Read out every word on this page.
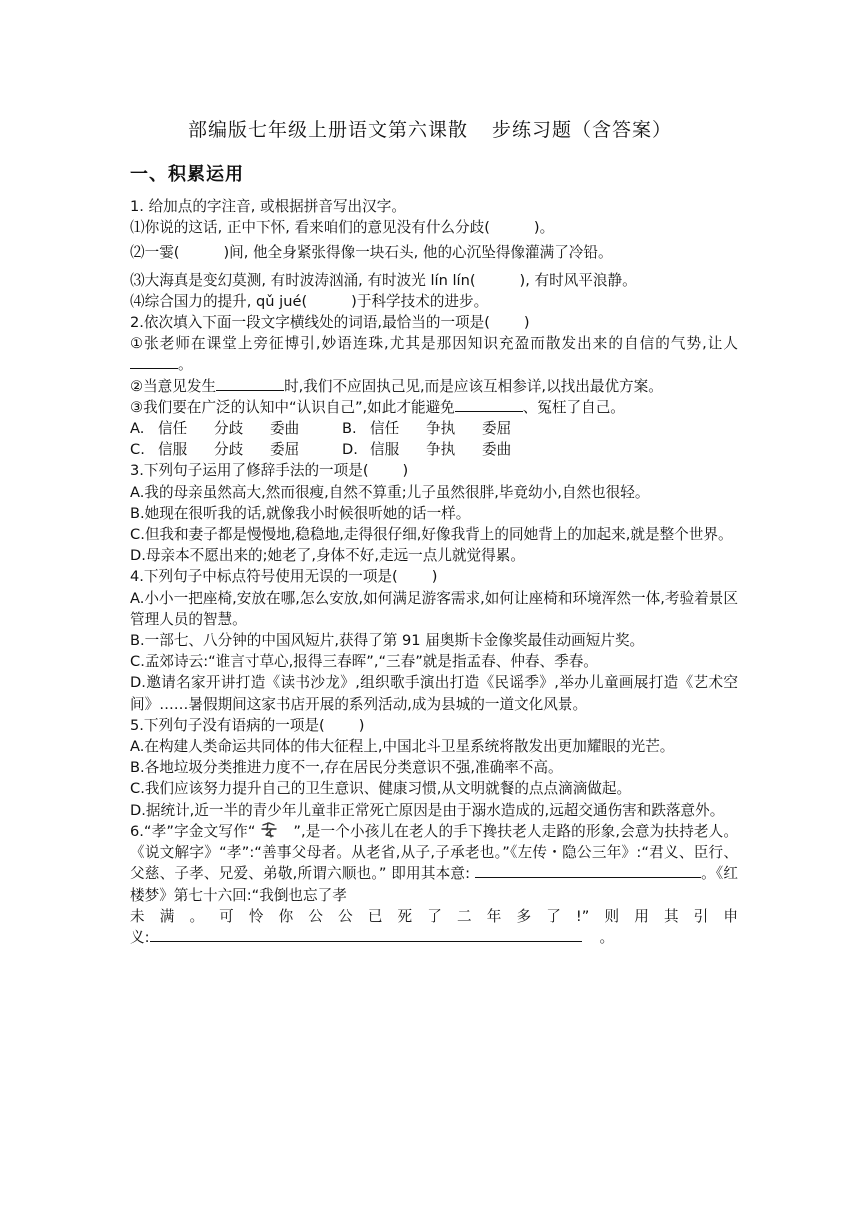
部编版七年级上册语文第六课散 步练习题（含答案）
一、积累运用

1. 给加点的字注音, 或根据拼音写出汉字。

⑴你说的这话, 正中下怀, 看来咱们的意见没有什么分歧(	)。

⑵一霎(	)间, 他全身紧张得像一块石头, 他的心沉坠得像灌满了冷铅。

⑶大海真是变幻莫测, 有时波涛汹涌, 有时波光 lín lín(	), 有时风平浪静。

⑷综合国力的提升, qǔ jué(	)于科学技术的进步。

2.依次填入下面一段文字横线处的词语,最恰当的一项是( )

①张老师在课堂上旁征博引,妙语连珠,尤其是那因知识充盈而散发出来的自信的气势,让人。

②当意见发生	时,我们不应固执己见,而是应该互相参详,以找出最优方案。

③我们要在广泛的认知中“认识自己”,如此才能避免	、冤枉了自己。

A. 信任 分歧 委曲	B. 信任 争执 委屈

C. 信服 分歧 委屈	D. 信服 争执 委曲

3.下列句子运用了修辞手法的一项是( )

A.我的母亲虽然高大,然而很瘦,自然不算重;儿子虽然很胖,毕竟幼小,自然也很轻。

B.她现在很听我的话,就像我小时候很听她的话一样。

C.但我和妻子都是慢慢地,稳稳地,走得很仔细,好像我背上的同她背上的加起来,就是整个世界。

D.母亲本不愿出来的;她老了,身体不好,走远一点儿就觉得累。

4.下列句子中标点符号使用无误的一项是( )

A.小小一把座椅,安放在哪,怎么安放,如何满足游客需求,如何让座椅和环境浑然一体,考验着景区管理人员的智慧。

B.一部七、八分钟的中国风短片,获得了第 91 届奥斯卡金像奖最佳动画短片奖。

C.孟郊诗云:“谁言寸草心,报得三春晖”,“三春”就是指孟春、仲春、季春。

D.邀请名家开讲打造《读书沙龙》,组织歌手演出打造《民谣季》,举办儿童画展打造《艺术空间》……暑假期间这家书店开展的系列活动,成为县城的一道文化风景。

5.下列句子没有语病的一项是( )

A.在构建人类命运共同体的伟大征程上,中国北斗卫星系统将散发出更加耀眼的光芒。

B.各地垃圾分类推进力度不一,存在居民分类意识不强,准确率不高。

C.我们应该努力提升自己的卫生意识、健康习惯,从文明就餐的点点滴滴做起。

D.据统计,近一半的青少年儿童非正常死亡原因是由于溺水造成的,远超交通伤害和跌落意外。

6.“孝”字金文写作“	”,是一个小孩儿在老人的手下搀扶老人走路的形象,会意为扶持老人。《说文解字》“孝”:“善事父母者。从老省,从子,子承老也。”《左传・隐公三年》:“君义、臣行、父慈、子孝、兄爱、弟敬,所谓六顺也。” 即用其本意:	。《红楼梦》第七十六回:“我倒也忘了孝

未满。可怜你公公已死了二年多了!”则用其引申

义:	。
